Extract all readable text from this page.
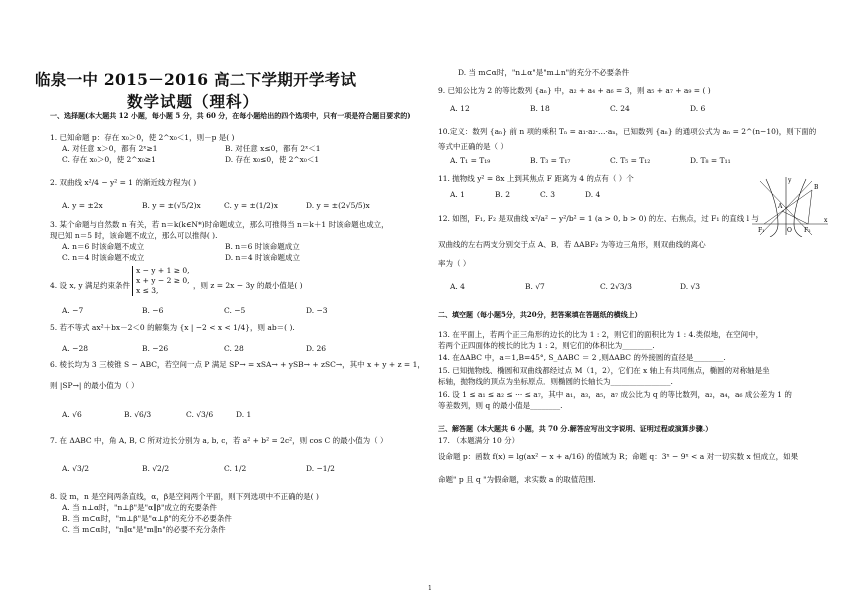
临泉一中 2015－2016 高二下学期开学考试
数学试题（理科）
一、选择题(本大题共 12 小题，每小题 5 分，共 60 分，在每小题给出的四个选项中，只有一项是符合题目要求的)
1. 已知命题 p：存在 x₀＞0，使 2^x₀＜1，则－p 是( )
A. 对任意 x＞0，都有 2ˣ≥1	B. 对任意 x≤0，都有 2ˣ＜1
C. 存在 x₀＞0，使 2^x₀≥1	D. 存在 x₀≤0，使 2^x₀＜1
2. 双曲线 x²/4 − y² = 1 的渐近线方程为( )
A. y = ±2x	B. y = ±(√5/2)x	C. y = ±(1/2)x	D. y = ±(2√5/5)x
3. 某个命题与自然数 n 有关，若 n＝k(k∈N*)时命题成立，那么可推得当 n＝k＋1 时该命题也成立，
现已知 n＝5 时，该命题不成立，那么可以推得( ).
A. n＝6 时该命题不成立	B. n＝6 时该命题成立
C. n＝4 时该命题不成立	D. n＝4 时该命题成立
4. 设 x, y 满足约束条件
x − y + 1 ≥ 0,
x + y − 2 ≥ 0,
x ≤ 3,
，则 z = 2x − 3y 的最小值是( )
A. −7	B. −6	C. −5	D. −3
5. 若不等式 ax²＋bx－2＜0 的解集为 {x | −2 < x < 1/4}，则 ab＝( ).
A. −28	B. −26	C. 28	D. 26
6. 棱长均为 3 三棱锥 S − ABC，若空间一点 P 满足 SP→ = xSA→ + ySB→ + zSC→，其中 x + y + z = 1，
则 |SP→| 的最小值为（ ）
A. √6	B. √6/3	C. √3/6	D. 1
7. 在 ΔABC 中，角 A, B, C 所对边长分别为 a, b, c，若 a² + b² = 2c²，则 cos C 的最小值为（ ）
A. √3/2	B. √2/2	C. 1/2	D. −1/2
8. 设 m，n 是空间两条直线，α，β是空间两个平面，则下列选项中不正确的是( )
A. 当 n⊥α时，"n⊥β"是"α∥β"成立的充要条件
B. 当 m⊂α时，"m⊥β"是"α⊥β"的充分不必要条件
C. 当 m⊂α时，"n∥α"是"m∥n"的必要不充分条件
D. 当 m⊂α时，"n⊥α"是"m⊥n"的充分不必要条件
9. 已知公比为 2 的等比数列 {aₙ} 中，a₂ + a₄ + a₆ = 3，则 a₅ + a₇ + a₉ = ( )
A. 12	B. 18	C. 24	D. 6
10.定义：数列 {aₙ} 前 n 项的乘积 Tₙ = a₁·a₂·…·aₙ，已知数列 {aₙ} 的通项公式为 aₙ = 2^(n−10)，则下面的
等式中正确的是（ ）
A. T₁ = T₁₉	B. T₃ = T₁₇	C. T₅ = T₁₂	D. T₈ = T₁₁
11. 抛物线 y² = 8x 上到其焦点 F 距离为 4 的点有（ ）个
A. 1	B. 2	C. 3	D. 4
12. 如图，F₁, F₂ 是双曲线 x²/a² − y²/b² = 1 (a > 0, b > 0) 的左、右焦点，过 F₁ 的直线 l 与
双曲线的左右两支分别交于点 A、B．若 ΔABF₂ 为等边三角形，则双曲线的离心
率为（ ）
A. 4	B. √7	C. 2√3/3	D. √3
二、填空题（每小题5分，共20分，把答案填在答题纸的横线上）
13. 在平面上，若两个正三角形的边长的比为 1 : 2，则它们的面积比为 1 : 4.类似地，在空间中，
若两个正四面体的棱长的比为 1 : 2，则它们的体积比为________.
14. 在ΔABC 中，a＝1,B=45°, S_ΔABC ＝ 2 ,则ΔABC 的外接圆的直径是________.
15. 已知抛物线、椭圆和双曲线都经过点 M（1，2），它们在 x 轴上有共同焦点，椭圆的对称轴是坐
标轴，抛物线的顶点为坐标原点．则椭圆的长轴长为________________.
16. 设 1 ≤ a₁ ≤ a₂ ≤ ··· ≤ a₇，其中 a₁，a₃，a₅，a₇ 成公比为 q 的等比数列，a₂，a₄，a₆ 成公差为 1 的
等差数列，则 q 的最小值是________.
三、解答题（本大题共 6 小题，共 70 分.解答应写出文字说明、证明过程或演算步骤.）
17. （本题满分 10 分）
设命题 p：函数 f(x) = lg(ax² − x + a/16) 的值域为 R；命题 q：3ˣ − 9ˣ < a 对一切实数 x 恒成立，如果
命题" p 且 q "为假命题，求实数 a 的取值范围.
B
A
F₁	O F₂
x
y
1
